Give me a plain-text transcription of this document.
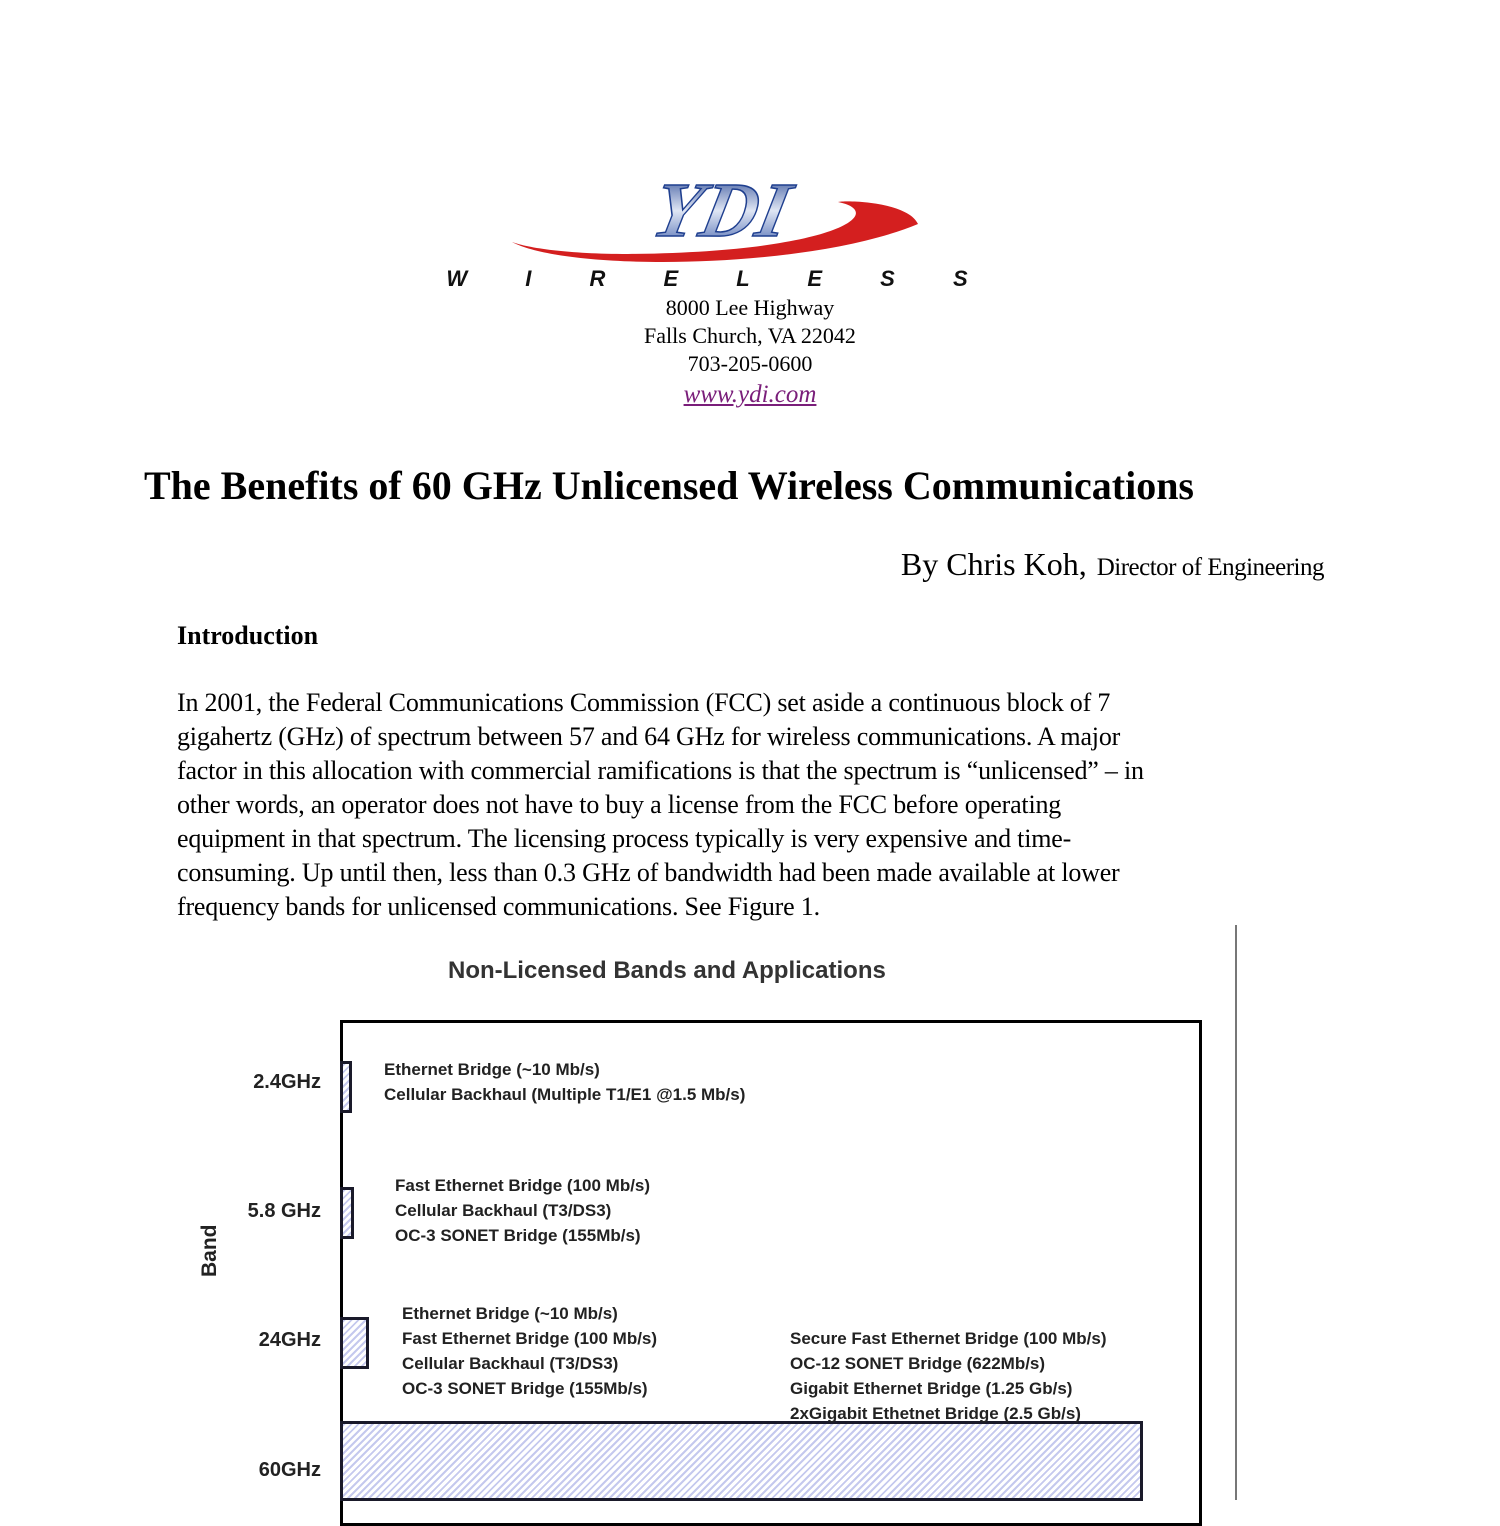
YDI
W I R E L E S S
8000 Lee Highway
Falls Church, VA 22042
703-205-0600
www.ydi.com
The Benefits of 60 GHz Unlicensed Wireless Communications
By Chris Koh, Director of Engineering
Introduction

In 2001, the Federal Communications Commission (FCC) set aside a continuous block of 7
gigahertz (GHz) of spectrum between 57 and 64 GHz for wireless communications. A major
factor in this allocation with commercial ramifications is that the spectrum is “unlicensed” – in
other words, an operator does not have to buy a license from the FCC before operating
equipment in that spectrum. The licensing process typically is very expensive and time-
consuming. Up until then, less than 0.3 GHz of bandwidth had been made available at lower
frequency bands for unlicensed communications. See Figure 1.

Non-Licensed Bands and Applications
Band
2.4GHz
5.8 GHz
24GHz
60GHz
Ethernet Bridge (~10 Mb/s)
Cellular Backhaul (Multiple T1/E1 @1.5 Mb/s)
Fast Ethernet Bridge (100 Mb/s)
Cellular Backhaul (T3/DS3)
OC-3 SONET Bridge (155Mb/s)
Ethernet Bridge (~10 Mb/s)
Fast Ethernet Bridge (100 Mb/s)
Cellular Backhaul (T3/DS3)
OC-3 SONET Bridge (155Mb/s)
Secure Fast Ethernet Bridge (100 Mb/s)
OC-12 SONET Bridge (622Mb/s)
Gigabit Ethernet Bridge (1.25 Gb/s)
2xGigabit Ethetnet Bridge (2.5 Gb/s)
